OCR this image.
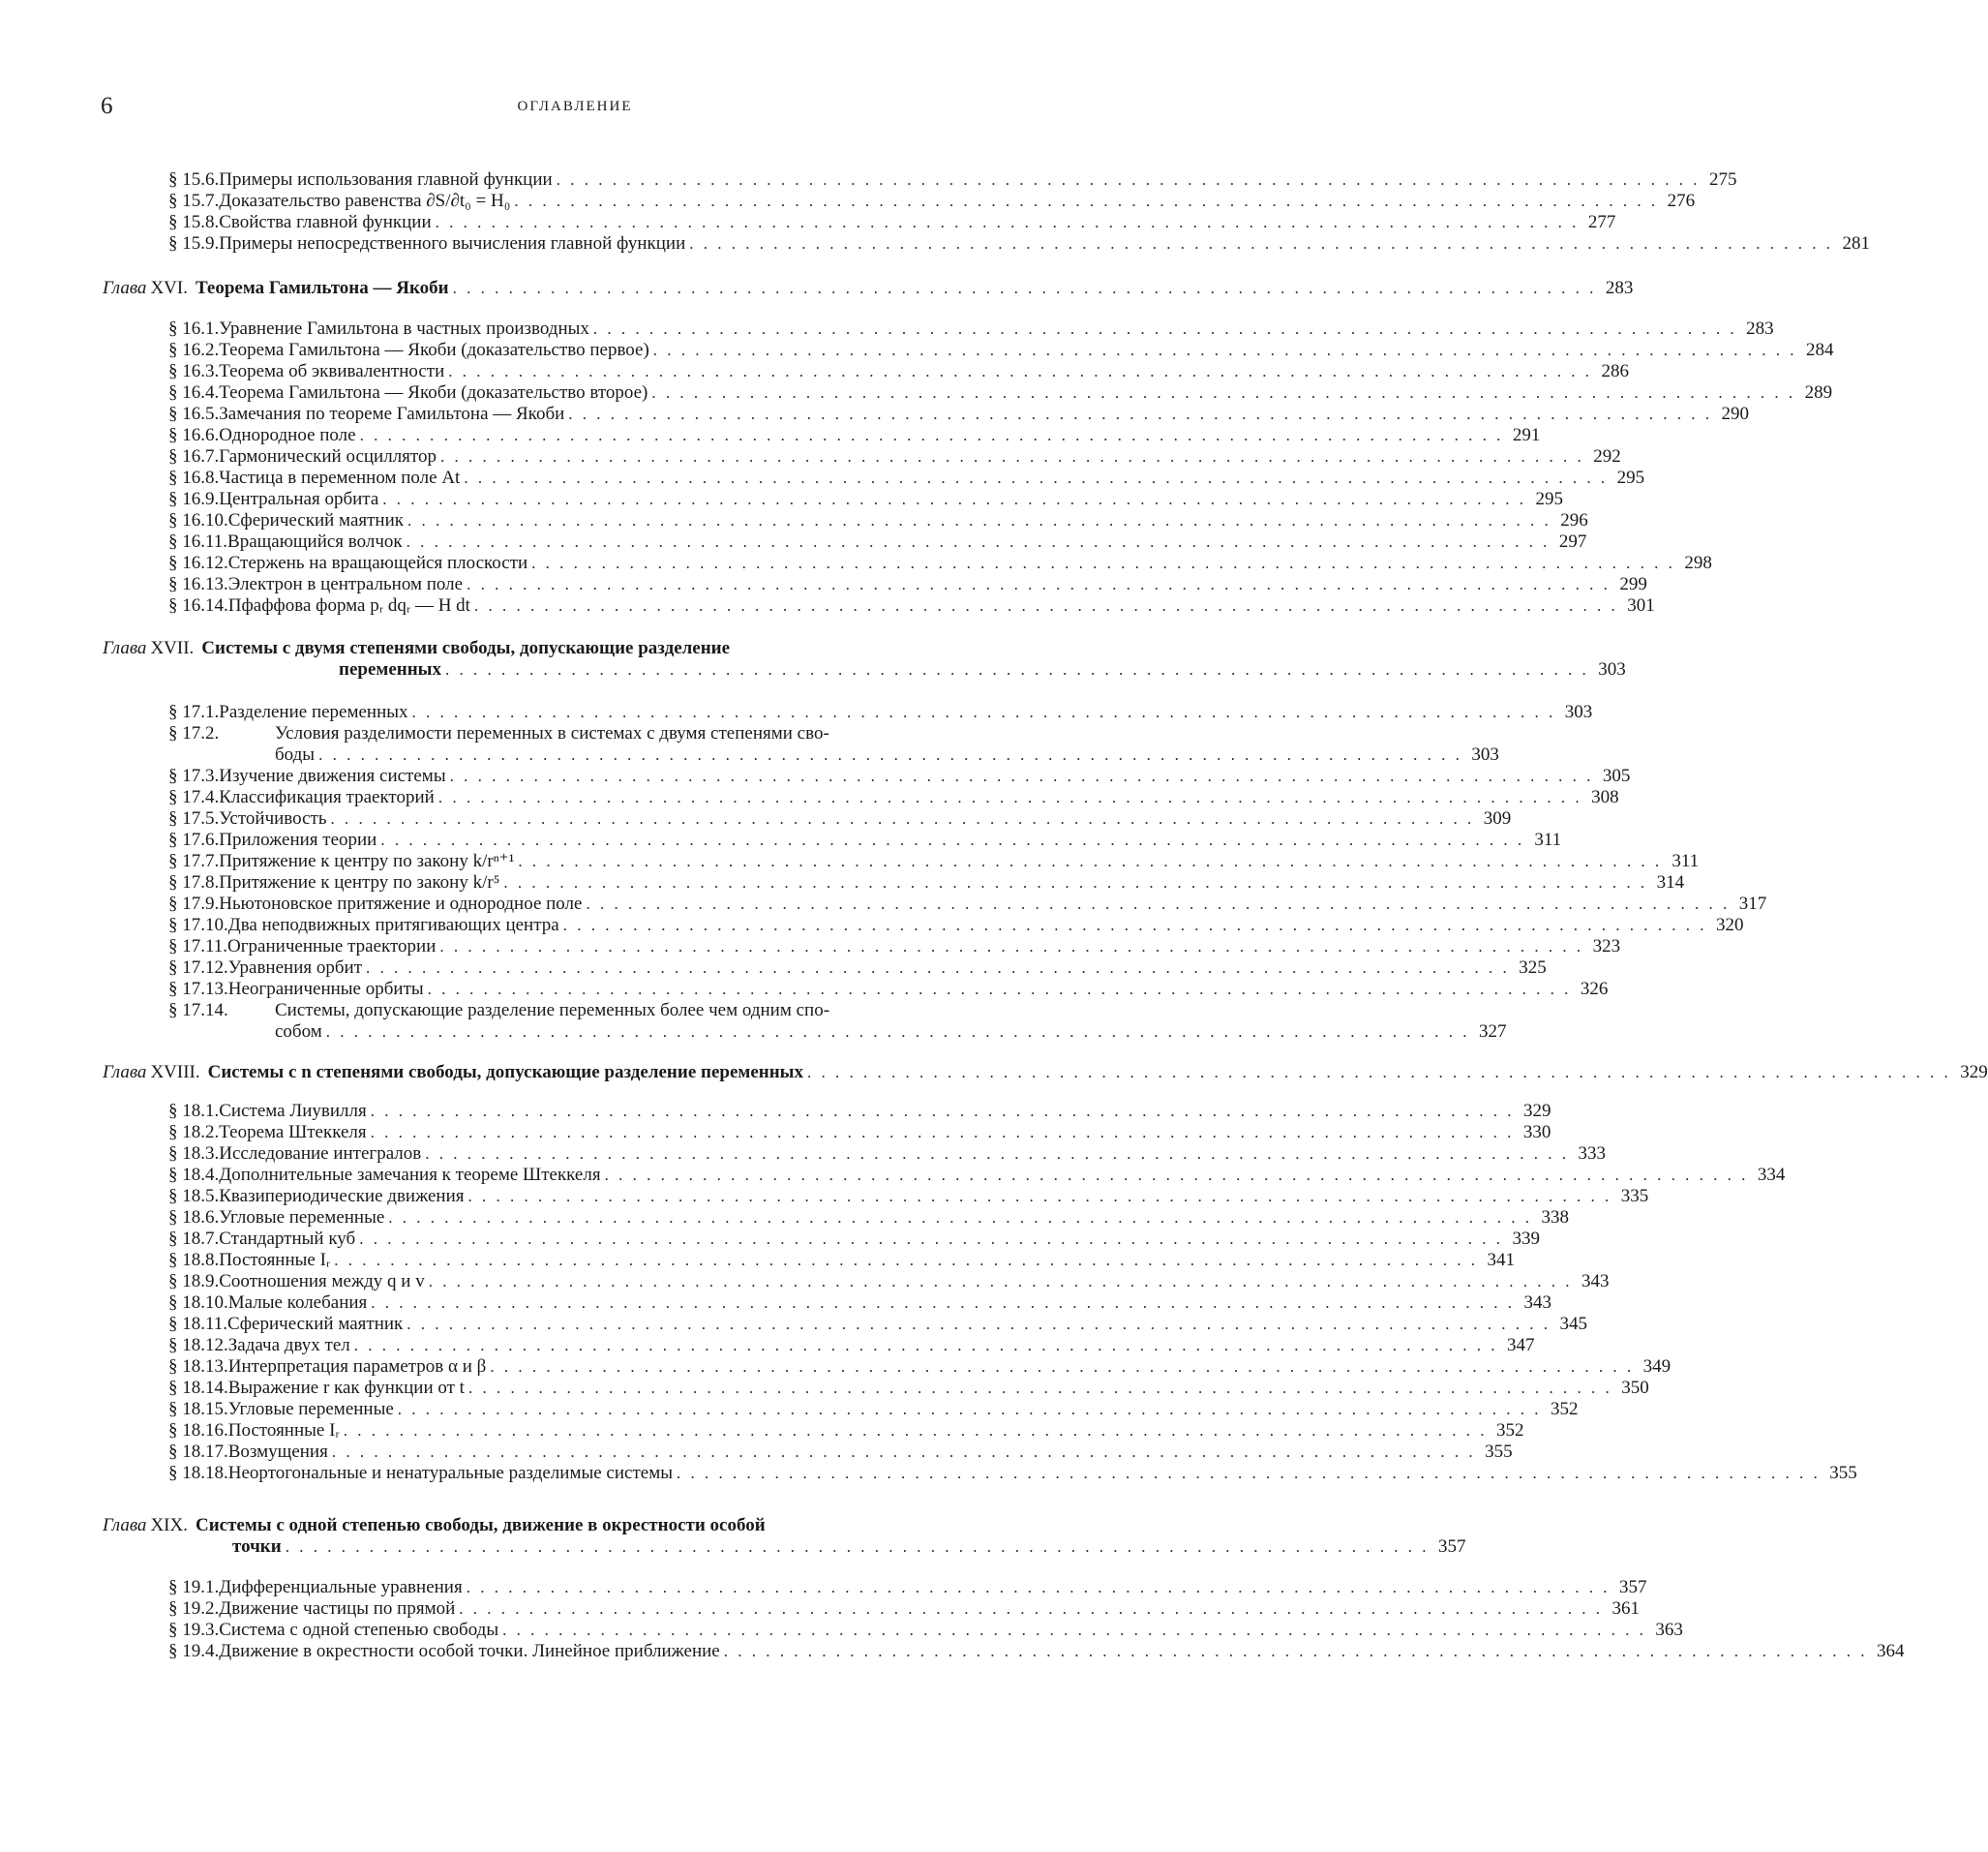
6	ОГЛАВЛЕНИЕ
§ 15.6. Примеры использования главной функции . . . . . . . . . . . . . . . . . . . . . . . . . . . . . . . . . . . . . . . . . . . . . . . . . . . . . . . . . . . . . . . . . . . . . . . . . . . . . . . . . . 275
§ 15.7. Доказательство равенства ∂S/∂t₀ = H₀ . . . . . . . . . . . . . . . . . . . . . . . . . . . . . . . . . . . . . . . . . . . . . . . . . . . . . . . . . . . . . . . . . . . . . . . . . . . . . . . . . . 276
§ 15.8. Свойства главной функции . . . . . . . . . . . . . . . . . . . . . . . . . . . . . . . . . . . . . . . . . . . . . . . . . . . . . . . . . . . . . . . . . . . . . . . . . . . . . . . . . . 277
§ 15.9. Примеры непосредственного вычисления главной функции . . . . . . . . . . . . . . . . . . . . . . . . . . . . . . . . . . . . . . . . . . . . . . . . . . . . . . . . . . . . . . . . . . . . . . . . . . . . . . . . . . 281
Глава XVI. Теорема Гамильтона — Якоби . . . . . . . . . . . . . . . . . . . . . . . . . . . . . . . . . . . . . . . . . . . . . . . . . . . . . . . . . . . . . . . . . . . . . . . . . . . . . . . . . . 283
§ 16.1. Уравнение Гамильтона в частных производных . . . . . . . . . . . . . . . . . . . . . . . . . . . . . . . . . . . . . . . . . . . . . . . . . . . . . . . . . . . . . . . . . . . . . . . . . . . . . . . . . . 283
§ 16.2. Теорема Гамильтона — Якоби (доказательство первое) . . . . . . . . . . . . . . . . . . . . . . . . . . . . . . . . . . . . . . . . . . . . . . . . . . . . . . . . . . . . . . . . . . . . . . . . . . . . . . . . . . 284
§ 16.3. Теорема об эквивалентности . . . . . . . . . . . . . . . . . . . . . . . . . . . . . . . . . . . . . . . . . . . . . . . . . . . . . . . . . . . . . . . . . . . . . . . . . . . . . . . . . . 286
§ 16.4. Теорема Гамильтона — Якоби (доказательство второе) . . . . . . . . . . . . . . . . . . . . . . . . . . . . . . . . . . . . . . . . . . . . . . . . . . . . . . . . . . . . . . . . . . . . . . . . . . . . . . . . . . 289
§ 16.5. Замечания по теореме Гамильтона — Якоби . . . . . . . . . . . . . . . . . . . . . . . . . . . . . . . . . . . . . . . . . . . . . . . . . . . . . . . . . . . . . . . . . . . . . . . . . . . . . . . . . . 290
§ 16.6. Однородное поле . . . . . . . . . . . . . . . . . . . . . . . . . . . . . . . . . . . . . . . . . . . . . . . . . . . . . . . . . . . . . . . . . . . . . . . . . . . . . . . . . . 291
§ 16.7. Гармонический осциллятор . . . . . . . . . . . . . . . . . . . . . . . . . . . . . . . . . . . . . . . . . . . . . . . . . . . . . . . . . . . . . . . . . . . . . . . . . . . . . . . . . . 292
§ 16.8. Частица в переменном поле At . . . . . . . . . . . . . . . . . . . . . . . . . . . . . . . . . . . . . . . . . . . . . . . . . . . . . . . . . . . . . . . . . . . . . . . . . . . . . . . . . . 295
§ 16.9. Центральная орбита . . . . . . . . . . . . . . . . . . . . . . . . . . . . . . . . . . . . . . . . . . . . . . . . . . . . . . . . . . . . . . . . . . . . . . . . . . . . . . . . . . 295
§ 16.10. Сферический маятник . . . . . . . . . . . . . . . . . . . . . . . . . . . . . . . . . . . . . . . . . . . . . . . . . . . . . . . . . . . . . . . . . . . . . . . . . . . . . . . . . . 296
§ 16.11. Вращающийся волчок . . . . . . . . . . . . . . . . . . . . . . . . . . . . . . . . . . . . . . . . . . . . . . . . . . . . . . . . . . . . . . . . . . . . . . . . . . . . . . . . . . 297
§ 16.12. Стержень на вращающейся плоскости . . . . . . . . . . . . . . . . . . . . . . . . . . . . . . . . . . . . . . . . . . . . . . . . . . . . . . . . . . . . . . . . . . . . . . . . . . . . . . . . . . 298
§ 16.13. Электрон в центральном поле . . . . . . . . . . . . . . . . . . . . . . . . . . . . . . . . . . . . . . . . . . . . . . . . . . . . . . . . . . . . . . . . . . . . . . . . . . . . . . . . . . 299
§ 16.14. Пфаффова форма pᵣ dqᵣ — H dt . . . . . . . . . . . . . . . . . . . . . . . . . . . . . . . . . . . . . . . . . . . . . . . . . . . . . . . . . . . . . . . . . . . . . . . . . . . . . . . . . . 301
Глава XVII. Системы с двумя степенями свободы, допускающие разделение
переменных . . . . . . . . . . . . . . . . . . . . . . . . . . . . . . . . . . . . . . . . . . . . . . . . . . . . . . . . . . . . . . . . . . . . . . . . . . . . . . . . . . 303
§ 17.1. Разделение переменных . . . . . . . . . . . . . . . . . . . . . . . . . . . . . . . . . . . . . . . . . . . . . . . . . . . . . . . . . . . . . . . . . . . . . . . . . . . . . . . . . . 303
§ 17.2.	Условия разделимости переменных в системах с двумя степенями сво-
боды . . . . . . . . . . . . . . . . . . . . . . . . . . . . . . . . . . . . . . . . . . . . . . . . . . . . . . . . . . . . . . . . . . . . . . . . . . . . . . . . . . 303
§ 17.3. Изучение движения системы . . . . . . . . . . . . . . . . . . . . . . . . . . . . . . . . . . . . . . . . . . . . . . . . . . . . . . . . . . . . . . . . . . . . . . . . . . . . . . . . . . 305
§ 17.4. Классификация траекторий . . . . . . . . . . . . . . . . . . . . . . . . . . . . . . . . . . . . . . . . . . . . . . . . . . . . . . . . . . . . . . . . . . . . . . . . . . . . . . . . . . 308
§ 17.5. Устойчивость . . . . . . . . . . . . . . . . . . . . . . . . . . . . . . . . . . . . . . . . . . . . . . . . . . . . . . . . . . . . . . . . . . . . . . . . . . . . . . . . . . 309
§ 17.6. Приложения теории . . . . . . . . . . . . . . . . . . . . . . . . . . . . . . . . . . . . . . . . . . . . . . . . . . . . . . . . . . . . . . . . . . . . . . . . . . . . . . . . . . 311
§ 17.7. Притяжение к центру по закону k/rⁿ⁺¹ . . . . . . . . . . . . . . . . . . . . . . . . . . . . . . . . . . . . . . . . . . . . . . . . . . . . . . . . . . . . . . . . . . . . . . . . . . . . . . . . . . 311
§ 17.8. Притяжение к центру по закону k/r⁵ . . . . . . . . . . . . . . . . . . . . . . . . . . . . . . . . . . . . . . . . . . . . . . . . . . . . . . . . . . . . . . . . . . . . . . . . . . . . . . . . . . 314
§ 17.9. Ньютоновское притяжение и однородное поле . . . . . . . . . . . . . . . . . . . . . . . . . . . . . . . . . . . . . . . . . . . . . . . . . . . . . . . . . . . . . . . . . . . . . . . . . . . . . . . . . . 317
§ 17.10. Два неподвижных притягивающих центра . . . . . . . . . . . . . . . . . . . . . . . . . . . . . . . . . . . . . . . . . . . . . . . . . . . . . . . . . . . . . . . . . . . . . . . . . . . . . . . . . . 320
§ 17.11. Ограниченные траектории . . . . . . . . . . . . . . . . . . . . . . . . . . . . . . . . . . . . . . . . . . . . . . . . . . . . . . . . . . . . . . . . . . . . . . . . . . . . . . . . . . 323
§ 17.12. Уравнения орбит . . . . . . . . . . . . . . . . . . . . . . . . . . . . . . . . . . . . . . . . . . . . . . . . . . . . . . . . . . . . . . . . . . . . . . . . . . . . . . . . . . 325
§ 17.13. Неограниченные орбиты . . . . . . . . . . . . . . . . . . . . . . . . . . . . . . . . . . . . . . . . . . . . . . . . . . . . . . . . . . . . . . . . . . . . . . . . . . . . . . . . . . 326
§ 17.14.	Системы, допускающие разделение переменных более чем одним спо-
собом . . . . . . . . . . . . . . . . . . . . . . . . . . . . . . . . . . . . . . . . . . . . . . . . . . . . . . . . . . . . . . . . . . . . . . . . . . . . . . . . . . 327
Глава XVIII. Системы с n степенями свободы, допускающие разделение переменных . . . . . . . . . . . . . . . . . . . . . . . . . . . . . . . . . . . . . . . . . . . . . . . . . . . . . . . . . . . . . . . . . . . . . . . . . . . . . . . . . . 329
§ 18.1. Система Лиувилля . . . . . . . . . . . . . . . . . . . . . . . . . . . . . . . . . . . . . . . . . . . . . . . . . . . . . . . . . . . . . . . . . . . . . . . . . . . . . . . . . . 329
§ 18.2. Теорема Штеккеля . . . . . . . . . . . . . . . . . . . . . . . . . . . . . . . . . . . . . . . . . . . . . . . . . . . . . . . . . . . . . . . . . . . . . . . . . . . . . . . . . . 330
§ 18.3. Исследование интегралов . . . . . . . . . . . . . . . . . . . . . . . . . . . . . . . . . . . . . . . . . . . . . . . . . . . . . . . . . . . . . . . . . . . . . . . . . . . . . . . . . . 333
§ 18.4. Дополнительные замечания к теореме Штеккеля . . . . . . . . . . . . . . . . . . . . . . . . . . . . . . . . . . . . . . . . . . . . . . . . . . . . . . . . . . . . . . . . . . . . . . . . . . . . . . . . . . 334
§ 18.5. Квазипериодические движения . . . . . . . . . . . . . . . . . . . . . . . . . . . . . . . . . . . . . . . . . . . . . . . . . . . . . . . . . . . . . . . . . . . . . . . . . . . . . . . . . . 335
§ 18.6. Угловые переменные . . . . . . . . . . . . . . . . . . . . . . . . . . . . . . . . . . . . . . . . . . . . . . . . . . . . . . . . . . . . . . . . . . . . . . . . . . . . . . . . . . 338
§ 18.7. Стандартный куб . . . . . . . . . . . . . . . . . . . . . . . . . . . . . . . . . . . . . . . . . . . . . . . . . . . . . . . . . . . . . . . . . . . . . . . . . . . . . . . . . . 339
§ 18.8. Постоянные Iᵣ . . . . . . . . . . . . . . . . . . . . . . . . . . . . . . . . . . . . . . . . . . . . . . . . . . . . . . . . . . . . . . . . . . . . . . . . . . . . . . . . . . 341
§ 18.9. Соотношения между q и v . . . . . . . . . . . . . . . . . . . . . . . . . . . . . . . . . . . . . . . . . . . . . . . . . . . . . . . . . . . . . . . . . . . . . . . . . . . . . . . . . . 343
§ 18.10. Малые колебания . . . . . . . . . . . . . . . . . . . . . . . . . . . . . . . . . . . . . . . . . . . . . . . . . . . . . . . . . . . . . . . . . . . . . . . . . . . . . . . . . . 343
§ 18.11. Сферический маятник . . . . . . . . . . . . . . . . . . . . . . . . . . . . . . . . . . . . . . . . . . . . . . . . . . . . . . . . . . . . . . . . . . . . . . . . . . . . . . . . . . 345
§ 18.12. Задача двух тел . . . . . . . . . . . . . . . . . . . . . . . . . . . . . . . . . . . . . . . . . . . . . . . . . . . . . . . . . . . . . . . . . . . . . . . . . . . . . . . . . . 347
§ 18.13. Интерпретация параметров α и β . . . . . . . . . . . . . . . . . . . . . . . . . . . . . . . . . . . . . . . . . . . . . . . . . . . . . . . . . . . . . . . . . . . . . . . . . . . . . . . . . . 349
§ 18.14. Выражение r как функции от t . . . . . . . . . . . . . . . . . . . . . . . . . . . . . . . . . . . . . . . . . . . . . . . . . . . . . . . . . . . . . . . . . . . . . . . . . . . . . . . . . . 350
§ 18.15. Угловые переменные . . . . . . . . . . . . . . . . . . . . . . . . . . . . . . . . . . . . . . . . . . . . . . . . . . . . . . . . . . . . . . . . . . . . . . . . . . . . . . . . . . 352
§ 18.16. Постоянные Iᵣ . . . . . . . . . . . . . . . . . . . . . . . . . . . . . . . . . . . . . . . . . . . . . . . . . . . . . . . . . . . . . . . . . . . . . . . . . . . . . . . . . . 352
§ 18.17. Возмущения . . . . . . . . . . . . . . . . . . . . . . . . . . . . . . . . . . . . . . . . . . . . . . . . . . . . . . . . . . . . . . . . . . . . . . . . . . . . . . . . . . 355
§ 18.18. Неортогональные и ненатуральные разделимые системы . . . . . . . . . . . . . . . . . . . . . . . . . . . . . . . . . . . . . . . . . . . . . . . . . . . . . . . . . . . . . . . . . . . . . . . . . . . . . . . . . . 355
Глава XIX. Системы с одной степенью свободы, движение в окрестности особой
точки . . . . . . . . . . . . . . . . . . . . . . . . . . . . . . . . . . . . . . . . . . . . . . . . . . . . . . . . . . . . . . . . . . . . . . . . . . . . . . . . . . 357
§ 19.1. Дифференциальные уравнения . . . . . . . . . . . . . . . . . . . . . . . . . . . . . . . . . . . . . . . . . . . . . . . . . . . . . . . . . . . . . . . . . . . . . . . . . . . . . . . . . . 357
§ 19.2. Движение частицы по прямой . . . . . . . . . . . . . . . . . . . . . . . . . . . . . . . . . . . . . . . . . . . . . . . . . . . . . . . . . . . . . . . . . . . . . . . . . . . . . . . . . . 361
§ 19.3. Система с одной степенью свободы . . . . . . . . . . . . . . . . . . . . . . . . . . . . . . . . . . . . . . . . . . . . . . . . . . . . . . . . . . . . . . . . . . . . . . . . . . . . . . . . . . 363
§ 19.4. Движение в окрестности особой точки. Линейное приближение . . . . . . . . . . . . . . . . . . . . . . . . . . . . . . . . . . . . . . . . . . . . . . . . . . . . . . . . . . . . . . . . . . . . . . . . . . . . . . . . . . 364
